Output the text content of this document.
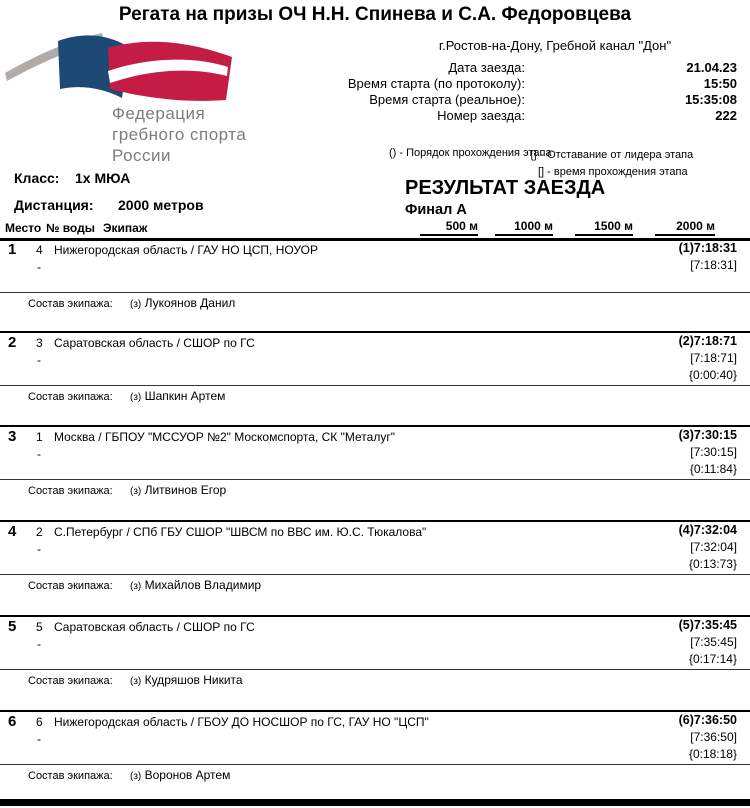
Регата на призы ОЧ Н.Н. Спинева и С.А. Федоровцева
Федерация
гребного спорта
России
г.Ростов-на-Дону, Гребной канал "Дон"
Дата заезда:	21.04.23
Время старта (по протоколу):	15:50
Время старта (реальное):	15:35:08
Номер заезда:	222
() - Порядок прохождения этапа
{} - Отставание от лидера этапа
[] - время прохождения этапа
Класс: 1х МЮА
Дистанция: 2000 метров
РЕЗУЛЬТАТ ЗАЕЗДА
Финал А
Место № воды Экипаж	500 м	1000 м	1500 м	2000 м
1 4 Нижегородская область / ГАУ НО ЦСП, НОУОР
-
(1)7:18:31
[7:18:31]
Состав экипажа: (з) Лукоянов Данил
2 3 Саратовская область / СШОР по ГС
-
(2)7:18:71
[7:18:71]
{0:00:40}
Состав экипажа: (з) Шапкин Артем
3 1 Москва / ГБПОУ "МССУОР №2" Москомспорта, СК "Металуг"
-
(3)7:30:15
[7:30:15]
{0:11:84}
Состав экипажа: (з) Литвинов Егор
4 2 С.Петербург / СПб ГБУ СШОР "ШВСМ по ВВС им. Ю.С. Тюкалова"
-
(4)7:32:04
[7:32:04]
{0:13:73}
Состав экипажа: (з) Михайлов Владимир
5 5 Саратовская область / СШОР по ГС
-
(5)7:35:45
[7:35:45]
{0:17:14}
Состав экипажа: (з) Кудряшов Никита
6 6 Нижегородская область / ГБОУ ДО НОСШОР по ГС, ГАУ НО "ЦСП"
-
(6)7:36:50
[7:36:50]
{0:18:18}
Состав экипажа: (з) Воронов Артем
